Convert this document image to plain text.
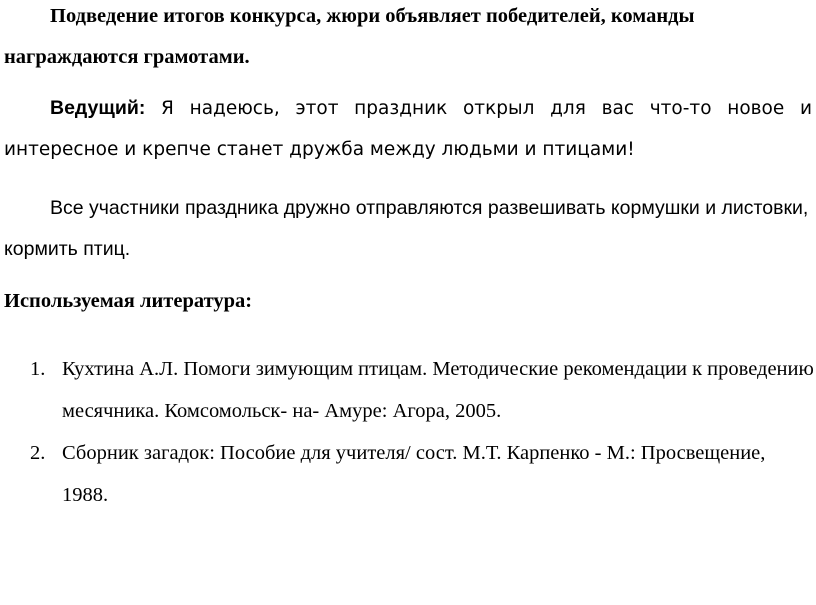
Подведение итогов конкурса, жюри объявляет победителей, команды награждаются грамотами.

Ведущий: Я надеюсь, этот праздник открыл для вас что-то новое и интересное и крепче станет дружба между людьми и птицами!

Все участники праздника дружно отправляются развешивать кормушки и листовки, кормить птиц.

Используемая литература:

1. Кухтина А.Л. Помоги зимующим птицам. Методические рекомендации к проведению месячника. Комсомольск- на- Амуре: Агора, 2005.
2. Сборник загадок: Пособие для учителя/ сост. М.Т. Карпенко - М.: Просвещение, 1988.
